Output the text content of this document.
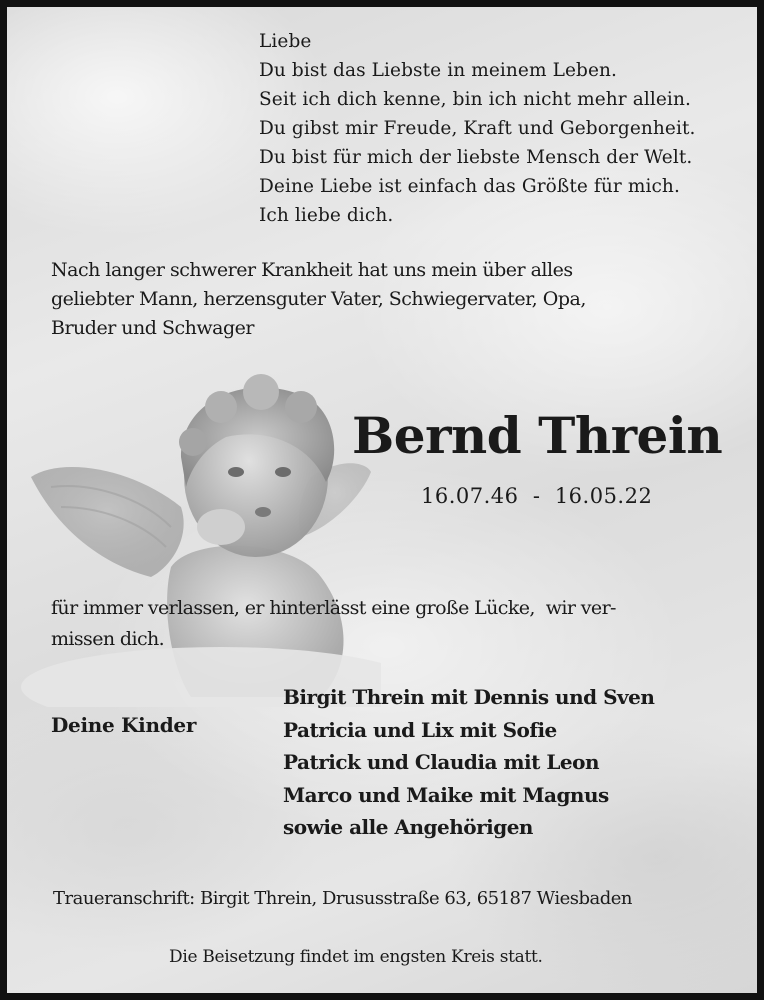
Liebe
Du bist das Liebste in meinem Leben.
Seit ich dich kenne, bin ich nicht mehr allein.
Du gibst mir Freude, Kraft und Geborgenheit.
Du bist für mich der liebste Mensch der Welt.
Deine Liebe ist einfach das Größte für mich.
Ich liebe dich.
Nach langer schwerer Krankheit hat uns mein über alles
geliebter Mann, herzensguter Vater, Schwiegervater, Opa,
Bruder und Schwager
Bernd Threin
16.07.46  -  16.05.22
für immer verlassen, er hinterlässt eine große Lücke,  wir ver-
missen dich.
Deine Kinder
Birgit Threin mit Dennis und Sven
Patricia und Lix mit Sofie
Patrick und Claudia mit Leon
Marco und Maike mit Magnus
sowie alle Angehörigen
Traueranschrift: Birgit Threin, Drususstraße 63, 65187 Wiesbaden
Die Beisetzung findet im engsten Kreis statt.
